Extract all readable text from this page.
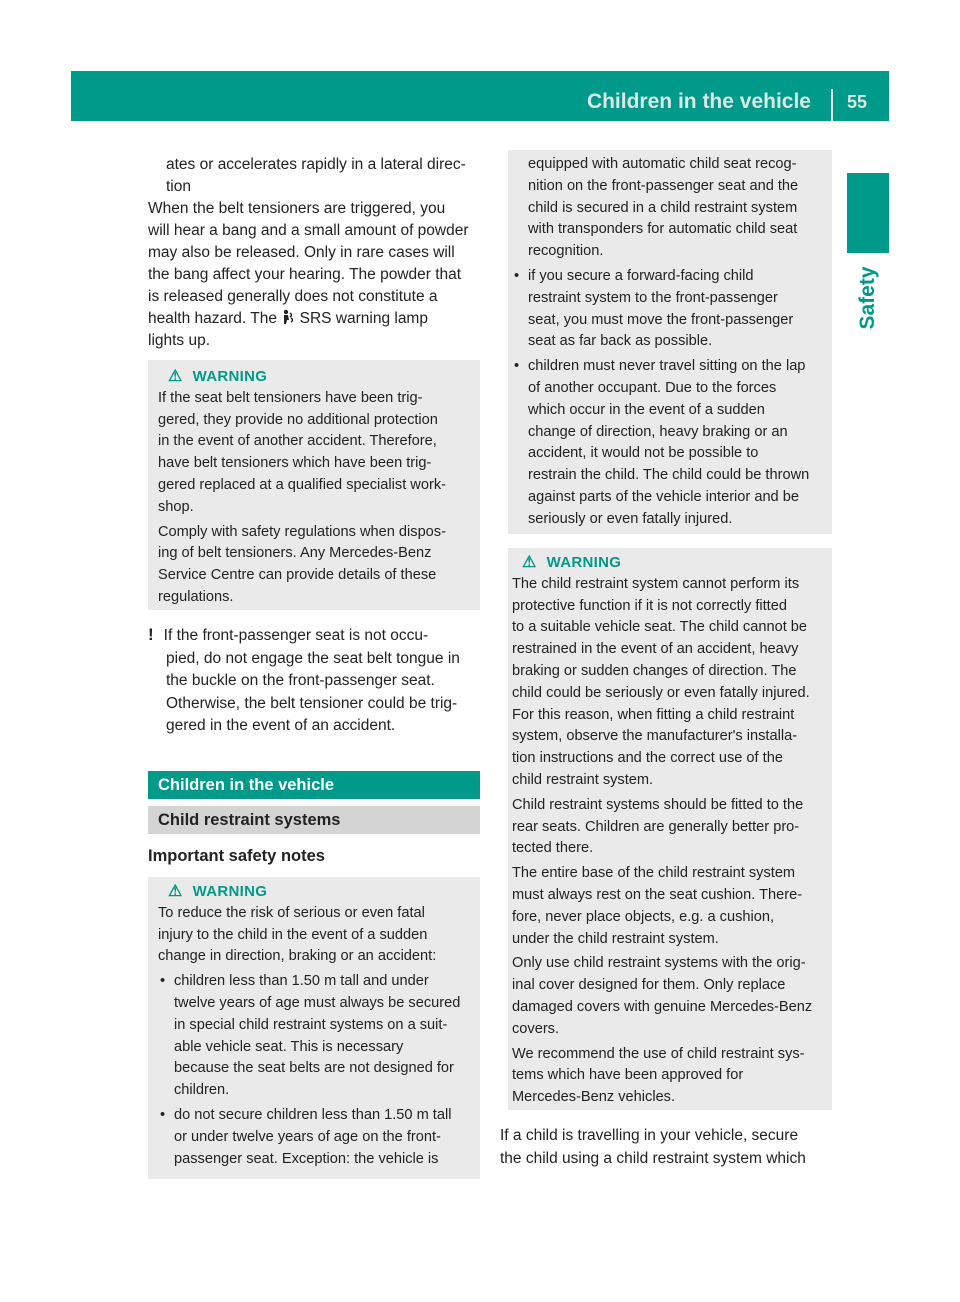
Children in the vehicle	55
Safety

ates or accelerates rapidly in a lateral direc-

tion

When the belt tensioners are triggered, you

will hear a bang and a small amount of powder

may also be released. Only in rare cases will

the bang affect your hearing. The powder that

is released generally does not constitute a

health hazard. The SRS warning lamp

lights up.

⚠ WARNING

If the seat belt tensioners have been trig-

gered, they provide no additional protection

in the event of another accident. Therefore,

have belt tensioners which have been trig-

gered replaced at a qualified specialist work-

shop.

Comply with safety regulations when dispos-

ing of belt tensioners. Any Mercedes-Benz

Service Centre can provide details of these

regulations.

! If the front-passenger seat is not occu-

pied, do not engage the seat belt tongue in

the buckle on the front-passenger seat.

Otherwise, the belt tensioner could be trig-

gered in the event of an accident.

Children in the vehicle
Child restraint systems
Important safety notes
⚠ WARNING

To reduce the risk of serious or even fatal

injury to the child in the event of a sudden

change in direction, braking or an accident:

• children less than 1.50 m tall and under

twelve years of age must always be secured

in special child restraint systems on a suit-

able vehicle seat. This is necessary

because the seat belts are not designed for

children.

• do not secure children less than 1.50 m tall

or under twelve years of age on the front-

passenger seat. Exception: the vehicle is

equipped with automatic child seat recog-

nition on the front-passenger seat and the

child is secured in a child restraint system

with transponders for automatic child seat

recognition.

• if you secure a forward-facing child

restraint system to the front-passenger

seat, you must move the front-passenger

seat as far back as possible.

• children must never travel sitting on the lap

of another occupant. Due to the forces

which occur in the event of a sudden

change of direction, heavy braking or an

accident, it would not be possible to

restrain the child. The child could be thrown

against parts of the vehicle interior and be

seriously or even fatally injured.

⚠ WARNING

The child restraint system cannot perform its

protective function if it is not correctly fitted

to a suitable vehicle seat. The child cannot be

restrained in the event of an accident, heavy

braking or sudden changes of direction. The

child could be seriously or even fatally injured.

For this reason, when fitting a child restraint

system, observe the manufacturer's installa-

tion instructions and the correct use of the

child restraint system.

Child restraint systems should be fitted to the

rear seats. Children are generally better pro-

tected there.

The entire base of the child restraint system

must always rest on the seat cushion. There-

fore, never place objects, e.g. a cushion,

under the child restraint system.

Only use child restraint systems with the orig-

inal cover designed for them. Only replace

damaged covers with genuine Mercedes-Benz

covers.

We recommend the use of child restraint sys-

tems which have been approved for

Mercedes-Benz vehicles.

If a child is travelling in your vehicle, secure

the child using a child restraint system which
